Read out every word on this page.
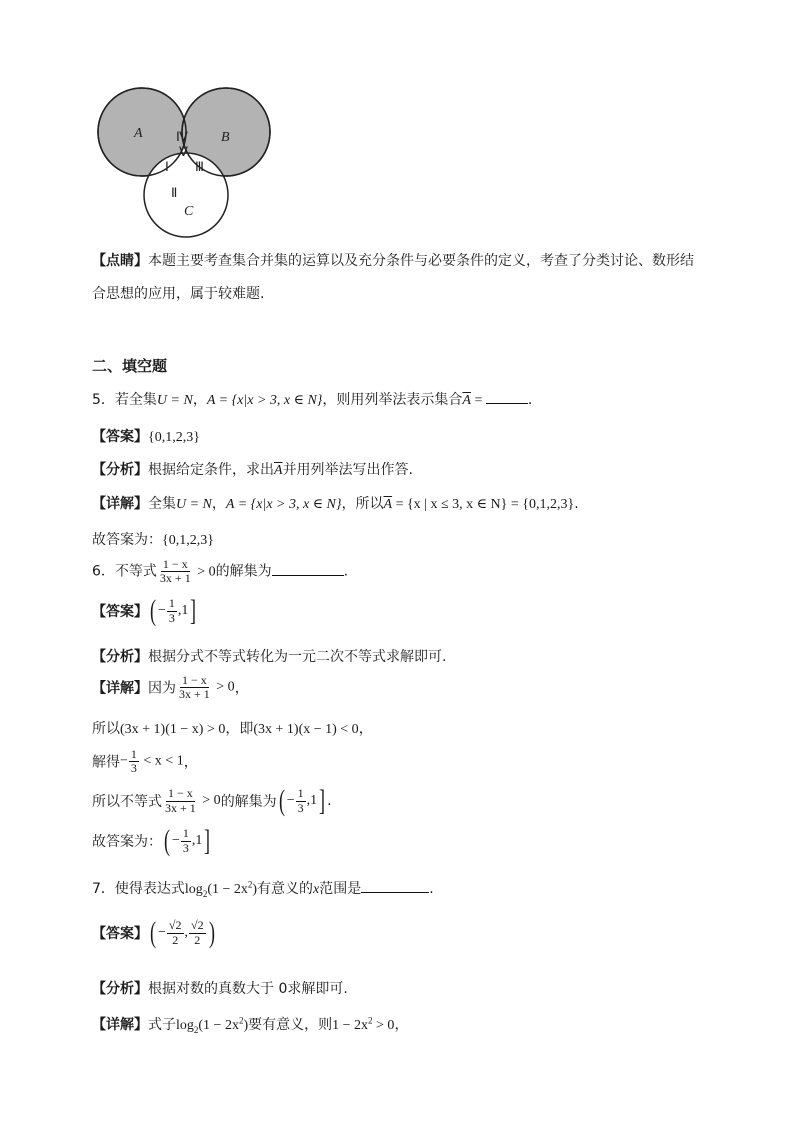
A	B
C
Ⅳ
Ⅴ
Ⅰ Ⅲ
Ⅱ
【点睛】本题主要考查集合并集的运算以及充分条件与必要条件的定义，考查了分类讨论、数形结
合思想的应用，属于较难题.
二、填空题
5．若全集U = N，A = {x|x > 3, x ∈ N}，则用列举法表示集合$\overline{A}$ =	.
【答案】{0,1,2,3}
【分析】根据给定条件，求出$\overline{A}$并用列举法写出作答.
【详解】全集U = N，A = {x|x > 3, x ∈ N}，所以$\overline{A} = \{x$ | x ≤ 3, x ∈ N} = {0,1,2,3}.
故答案为：{0,1,2,3}
6．不等式 $\frac{1 - x}{3x + 1} > 0$的解集为	.
【答案】( − $\frac{1}{3} ,1$]
【分析】根据分式不等式转化为一元二次不等式求解即可.
【详解】因为 $\frac{1 - x}{3x + 1} > 0$，
所以(3x + 1)(1 − x) > 0，即(3x + 1)(x − 1) < 0，
解得− $\frac{1}{3} < x < 1$，
所以不等式 $\frac{1 - x}{3x + 1} > 0$的解集为( − $\frac{1}{3} ,1$] .
故答案为：( − $\frac{1}{3} ,1$]
7．使得表达式$\log_2(1 - 2x^2)$有意义的x范围是	.
【答案】( − $\frac{√2}{2}$ , $\frac{√2}{2}$ )
【分析】根据对数的真数大于 0求解即可.
【详解】式子$\log_2(1 - 2x^2)$要有意义，则$1 - 2x^2 > 0$，
